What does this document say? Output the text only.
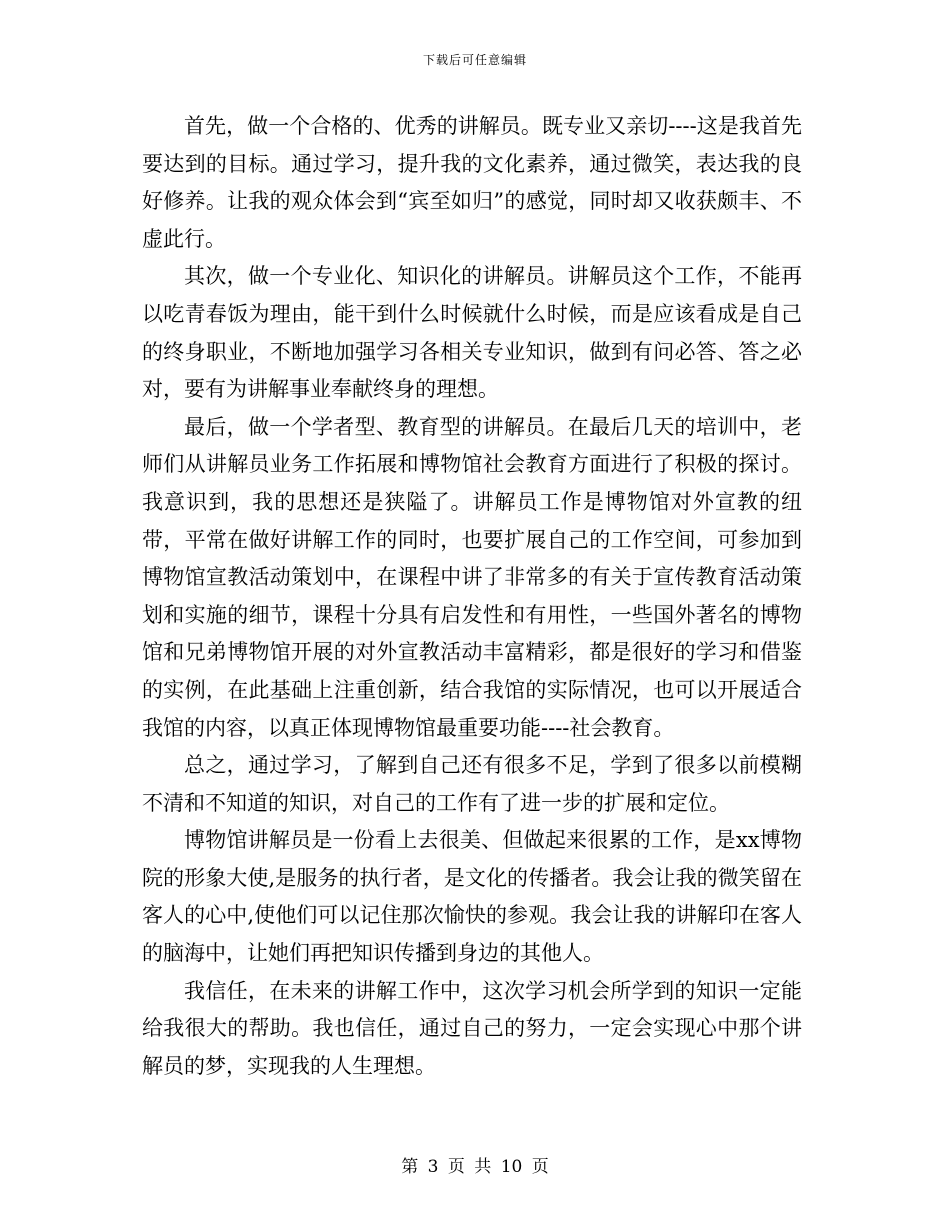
下载后可任意编辑

首先，做一个合格的、优秀的讲解员。既专业又亲切----这是我首先要达到的目标。通过学习，提升我的文化素养，通过微笑，表达我的良好修养。让我的观众体会到“宾至如归”的感觉，同时却又收获颇丰、不虚此行。

其次，做一个专业化、知识化的讲解员。讲解员这个工作，不能再以吃青春饭为理由，能干到什么时候就什么时候，而是应该看成是自己的终身职业，不断地加强学习各相关专业知识，做到有问必答、答之必对，要有为讲解事业奉献终身的理想。

最后，做一个学者型、教育型的讲解员。在最后几天的培训中，老师们从讲解员业务工作拓展和博物馆社会教育方面进行了积极的探讨。我意识到，我的思想还是狭隘了。讲解员工作是博物馆对外宣教的纽带，平常在做好讲解工作的同时，也要扩展自己的工作空间，可参加到博物馆宣教活动策划中，在课程中讲了非常多的有关于宣传教育活动策划和实施的细节，课程十分具有启发性和有用性，一些国外著名的博物馆和兄弟博物馆开展的对外宣教活动丰富精彩，都是很好的学习和借鉴的实例，在此基础上注重创新，结合我馆的实际情况，也可以开展适合我馆的内容，以真正体现博物馆最重要功能----社会教育。

总之，通过学习，了解到自己还有很多不足，学到了很多以前模糊不清和不知道的知识，对自己的工作有了进一步的扩展和定位。

博物馆讲解员是一份看上去很美、但做起来很累的工作，是xx博物院的形象大使,是服务的执行者，是文化的传播者。我会让我的微笑留在客人的心中,使他们可以记住那次愉快的参观。我会让我的讲解印在客人的脑海中，让她们再把知识传播到身边的其他人。

我信任，在未来的讲解工作中，这次学习机会所学到的知识一定能给我很大的帮助。我也信任，通过自己的努力，一定会实现心中那个讲解员的梦，实现我的人生理想。

第 3 页 共 10 页
